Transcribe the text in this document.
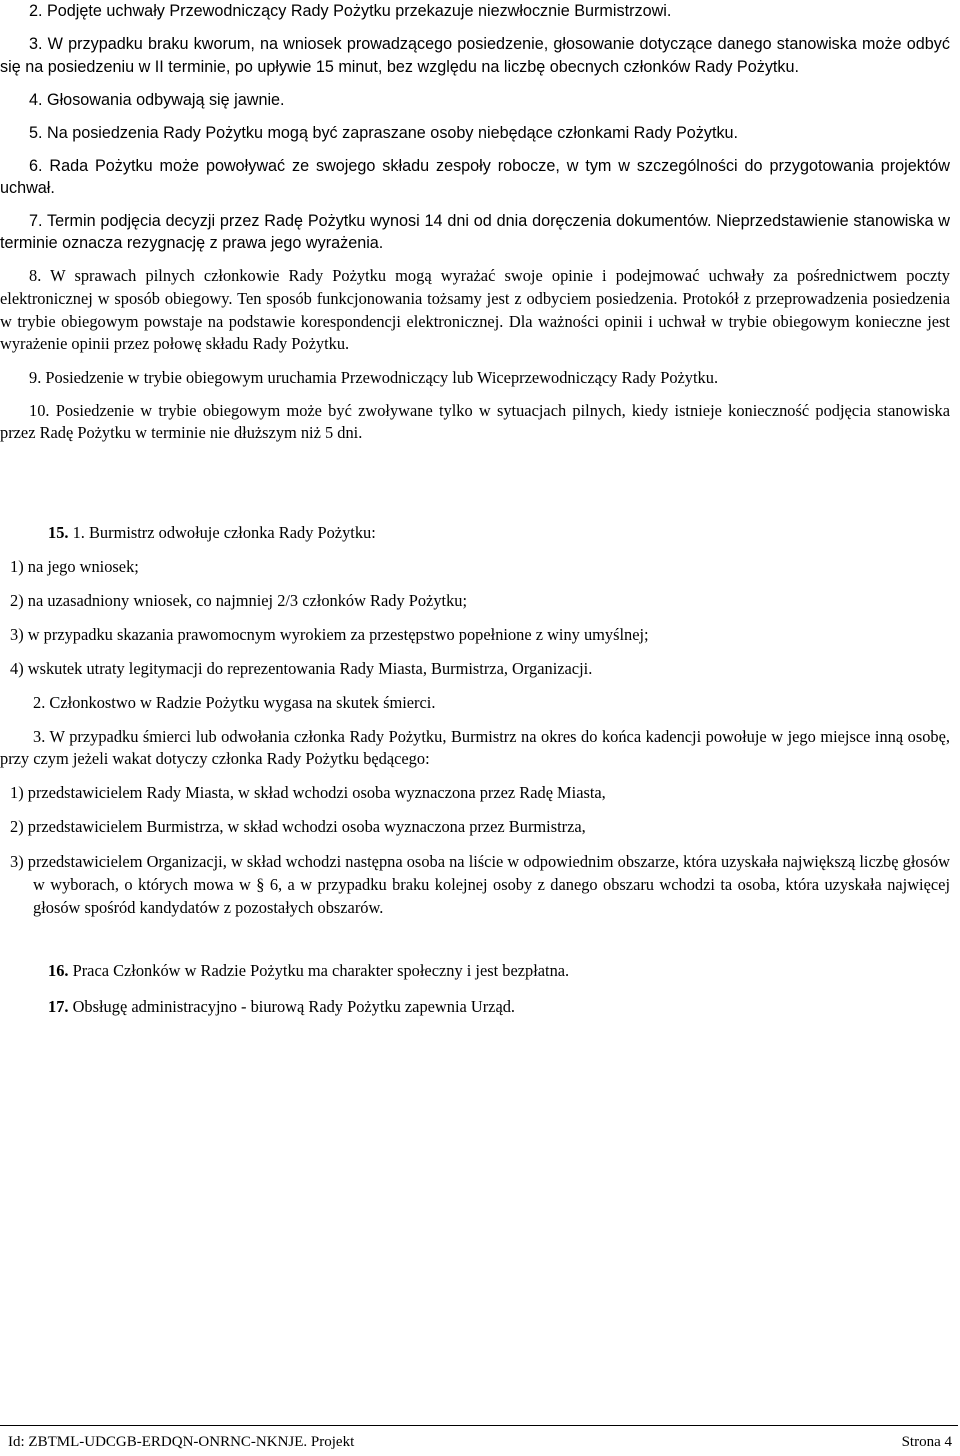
2. Podjęte uchwały Przewodniczący Rady Pożytku przekazuje niezwłocznie Burmistrzowi.

3. W przypadku braku kworum, na wniosek prowadzącego posiedzenie, głosowanie dotyczące danego stanowiska może odbyć się na posiedzeniu w II terminie, po upływie 15 minut, bez względu na liczbę obecnych członków Rady Pożytku.

4. Głosowania odbywają się jawnie.

5. Na posiedzenia Rady Pożytku mogą być zapraszane osoby niebędące członkami Rady Pożytku.

6. Rada Pożytku może powoływać ze swojego składu zespoły robocze, w tym w szczególności do przygotowania projektów uchwał.

7. Termin podjęcia decyzji przez Radę Pożytku wynosi 14 dni od dnia doręczenia dokumentów. Nieprzedstawienie stanowiska w terminie oznacza rezygnację z prawa jego wyrażenia.

8. W sprawach pilnych członkowie Rady Pożytku mogą wyrażać swoje opinie i podejmować uchwały za pośrednictwem poczty elektronicznej w sposób obiegowy. Ten sposób funkcjonowania tożsamy jest z odbyciem posiedzenia. Protokół z przeprowadzenia posiedzenia w trybie obiegowym powstaje na podstawie korespondencji elektronicznej. Dla ważności opinii i uchwał w trybie obiegowym konieczne jest wyrażenie opinii przez połowę składu Rady Pożytku.

9. Posiedzenie w trybie obiegowym uruchamia Przewodniczący lub Wiceprzewodniczący Rady Pożytku.

10. Posiedzenie w trybie obiegowym może być zwoływane tylko w sytuacjach pilnych, kiedy istnieje konieczność podjęcia stanowiska przez Radę Pożytku w terminie nie dłuższym niż 5 dni.

15. 1. Burmistrz odwołuje członka Rady Pożytku:

1) na jego wniosek;

2) na uzasadniony wniosek, co najmniej 2/3 członków Rady Pożytku;

3) w przypadku skazania prawomocnym wyrokiem za przestępstwo popełnione z winy umyślnej;

4) wskutek utraty legitymacji do reprezentowania Rady Miasta, Burmistrza, Organizacji.

2. Członkostwo w Radzie Pożytku wygasa na skutek śmierci.

3. W przypadku śmierci lub odwołania członka Rady Pożytku, Burmistrz na okres do końca kadencji powołuje w jego miejsce inną osobę, przy czym jeżeli wakat dotyczy członka Rady Pożytku będącego:

1) przedstawicielem Rady Miasta, w skład wchodzi osoba wyznaczona przez Radę Miasta,

2) przedstawicielem Burmistrza, w skład wchodzi osoba wyznaczona przez Burmistrza,

3) przedstawicielem Organizacji, w skład wchodzi następna osoba na liście w odpowiednim obszarze, która uzyskała największą liczbę głosów w wyborach, o których mowa w § 6, a w przypadku braku kolejnej osoby z danego obszaru wchodzi ta osoba, która uzyskała najwięcej głosów spośród kandydatów z pozostałych obszarów.

16. Praca Członków w Radzie Pożytku ma charakter społeczny i jest bezpłatna.

17. Obsługę administracyjno - biurową Rady Pożytku zapewnia Urząd.

Id: ZBTML-UDCGB-ERDQN-ONRNC-NKNJE. Projekt	Strona 4
